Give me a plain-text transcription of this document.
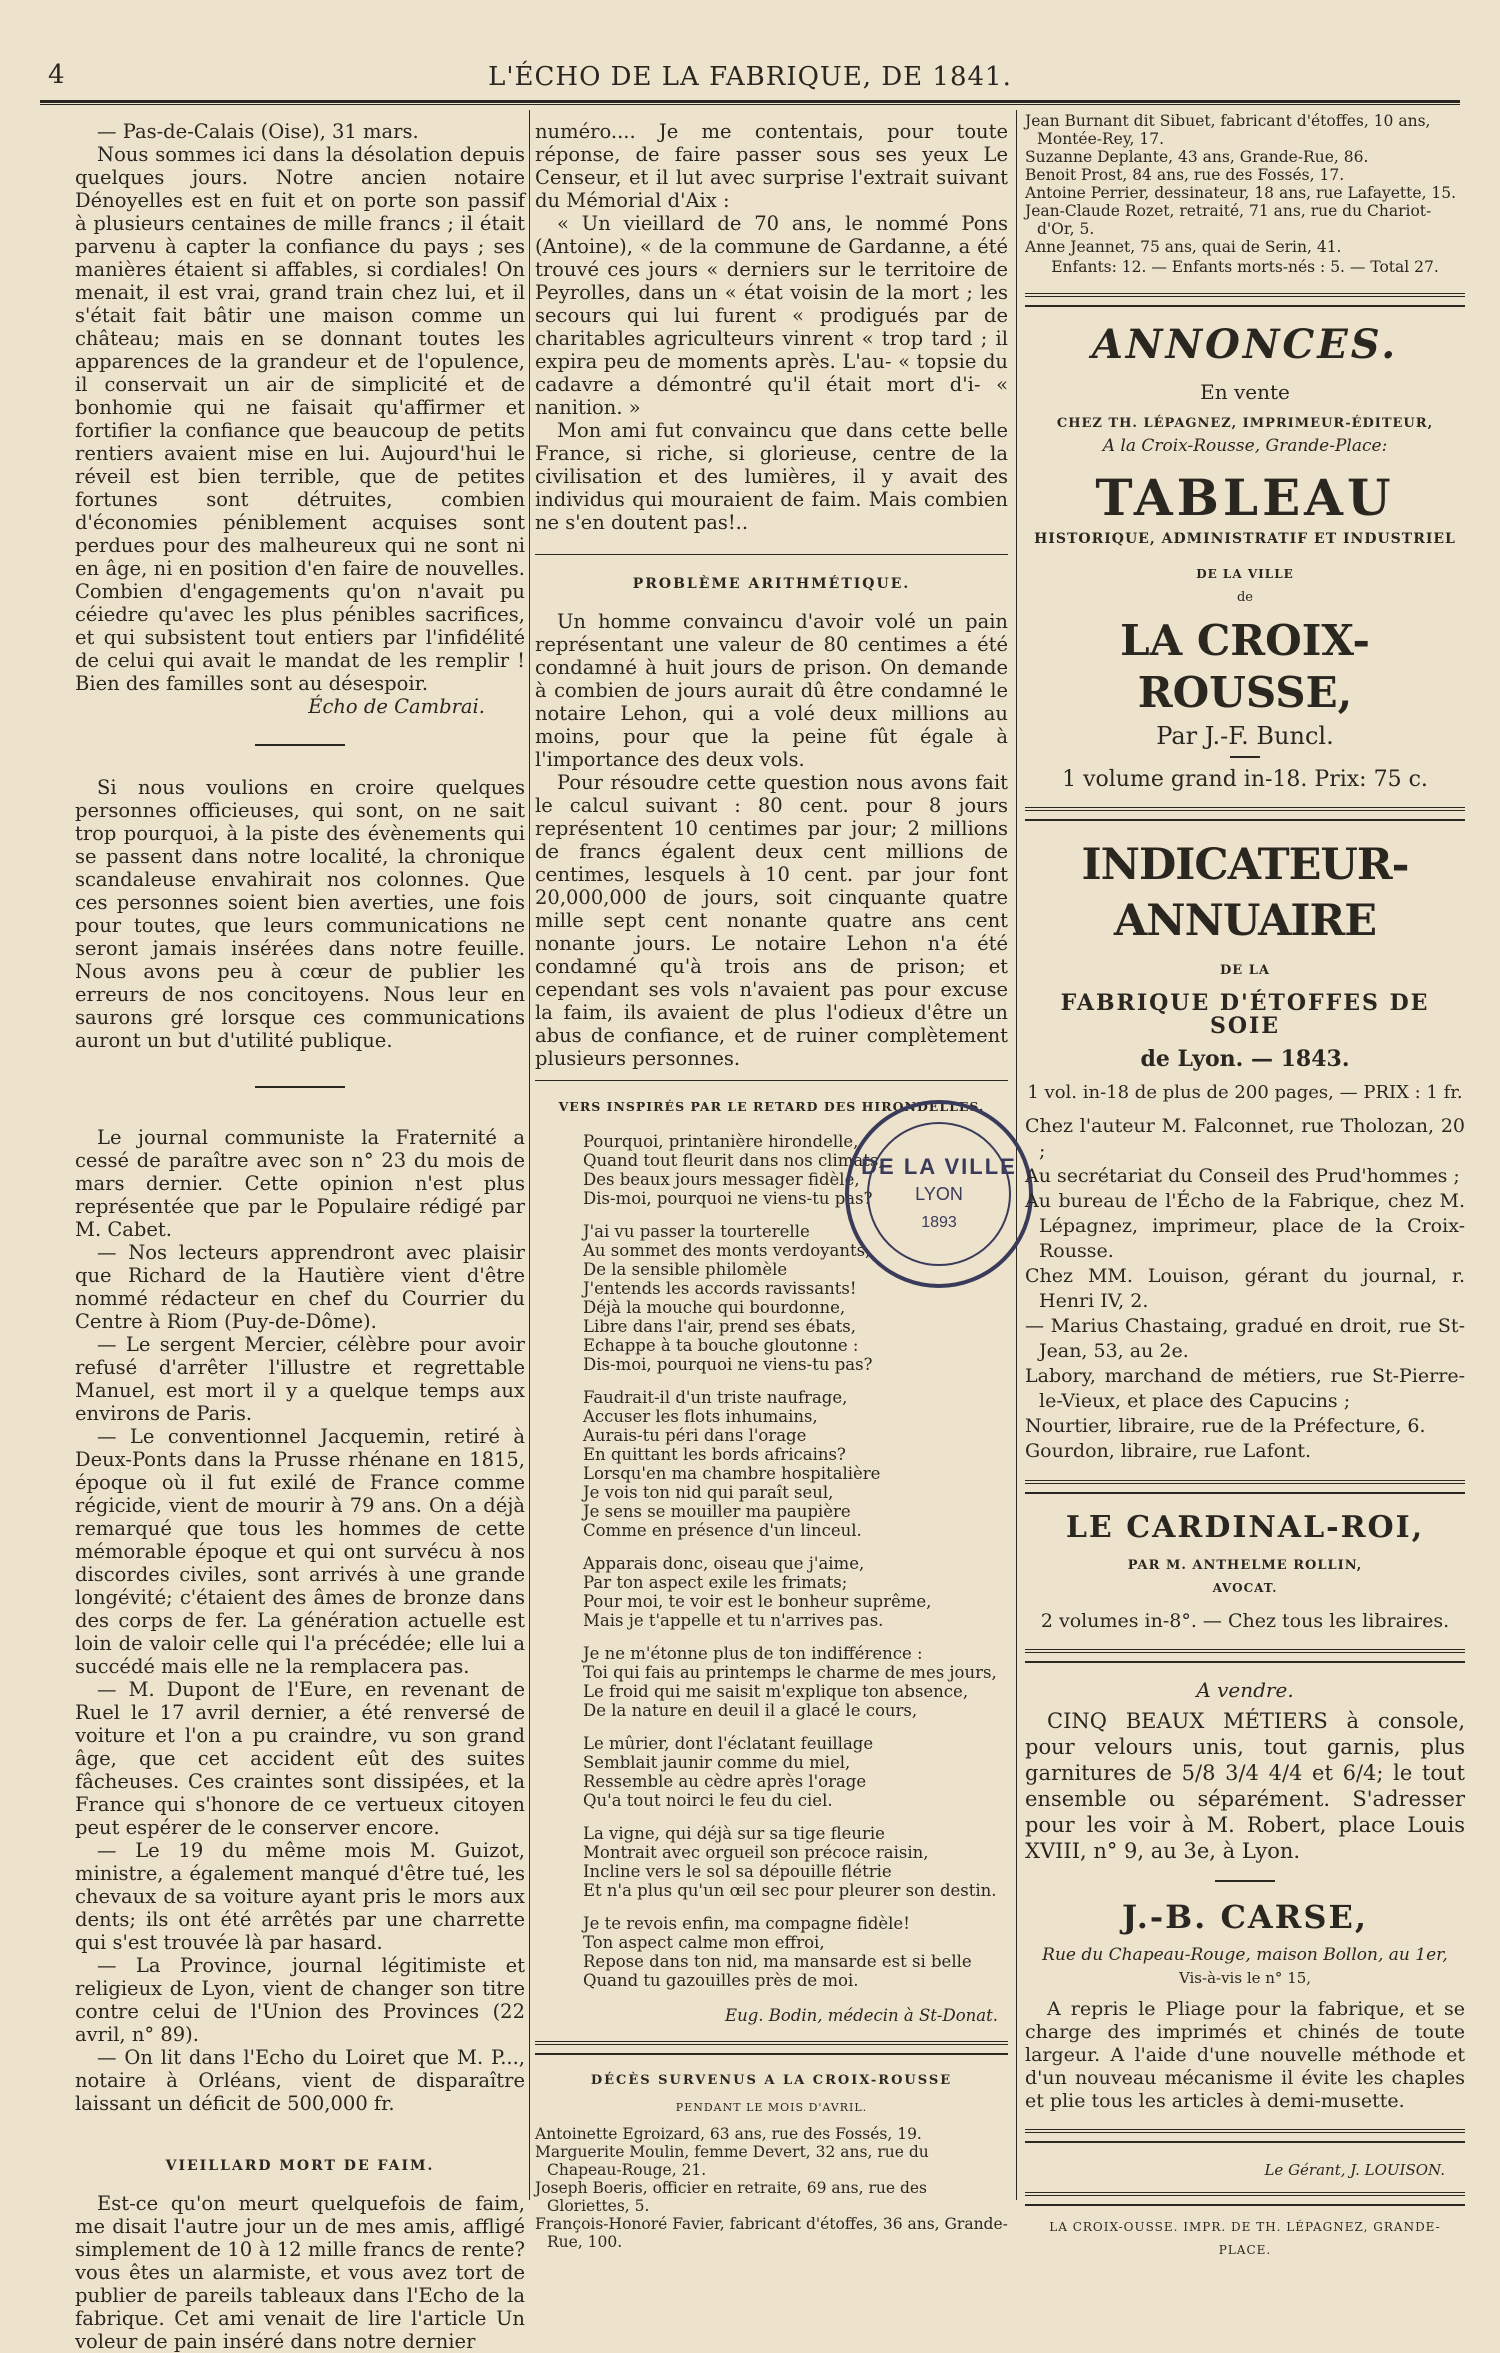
4	L'ÉCHO DE LA FABRIQUE, DE 1841.

— Pas-de-Calais (Oise), 31 mars.

Nous sommes ici dans la désolation depuis quelques jours. Notre ancien notaire Dénoyelles est en fuit et on porte son passif à plusieurs centaines de mille francs ; il était parvenu à capter la confiance du pays ; ses manières étaient si affables, si cordiales! On menait, il est vrai, grand train chez lui, et il s'était fait bâtir une maison comme un château; mais en se donnant toutes les apparences de la grandeur et de l'opulence, il conservait un air de simplicité et de bonhomie qui ne faisait qu'affirmer et fortifier la confiance que beaucoup de petits rentiers avaient mise en lui. Aujourd'hui le réveil est bien terrible, que de petites fortunes sont détruites, combien d'économies péniblement acquises sont perdues pour des malheureux qui ne sont ni en âge, ni en position d'en faire de nouvelles. Combien d'engagements qu'on n'avait pu céiedre qu'avec les plus pénibles sacrifices, et qui subsistent tout entiers par l'infidélité de celui qui avait le mandat de les remplir ! Bien des familles sont au désespoir.

Écho de Cambrai.

Si nous voulions en croire quelques personnes officieuses, qui sont, on ne sait trop pourquoi, à la piste des évènements qui se passent dans notre localité, la chronique scandaleuse envahirait nos colonnes. Que ces personnes soient bien averties, une fois pour toutes, que leurs communications ne seront jamais insérées dans notre feuille. Nous avons peu à cœur de publier les erreurs de nos concitoyens. Nous leur en saurons gré lorsque ces communications auront un but d'utilité publique.

Le journal communiste la Fraternité a cessé de paraître avec son n° 23 du mois de mars dernier. Cette opinion n'est plus représentée que par le Populaire rédigé par M. Cabet.

— Nos lecteurs apprendront avec plaisir que Richard de la Hautière vient d'être nommé rédacteur en chef du Courrier du Centre à Riom (Puy-de-Dôme).

— Le sergent Mercier, célèbre pour avoir refusé d'arrêter l'illustre et regrettable Manuel, est mort il y a quelque temps aux environs de Paris.

— Le conventionnel Jacquemin, retiré à Deux-Ponts dans la Prusse rhénane en 1815, époque où il fut exilé de France comme régicide, vient de mourir à 79 ans. On a déjà remarqué que tous les hommes de cette mémorable époque et qui ont survécu à nos discordes civiles, sont arrivés à une grande longévité; c'étaient des âmes de bronze dans des corps de fer. La génération actuelle est loin de valoir celle qui l'a précédée; elle lui a succédé mais elle ne la remplacera pas.

— M. Dupont de l'Eure, en revenant de Ruel le 17 avril dernier, a été renversé de voiture et l'on a pu craindre, vu son grand âge, que cet accident eût des suites fâcheuses. Ces craintes sont dissipées, et la France qui s'honore de ce vertueux citoyen peut espérer de le conserver encore.

— Le 19 du même mois M. Guizot, ministre, a également manqué d'être tué, les chevaux de sa voiture ayant pris le mors aux dents; ils ont été arrêtés par une charrette qui s'est trouvée là par hasard.

— La Province, journal légitimiste et religieux de Lyon, vient de changer son titre contre celui de l'Union des Provinces (22 avril, n° 89).

— On lit dans l'Echo du Loiret que M. P..., notaire à Orléans, vient de disparaître laissant un déficit de 500,000 fr.

VIEILLARD MORT DE FAIM.

Est-ce qu'on meurt quelquefois de faim, me disait l'autre jour un de mes amis, affligé simplement de 10 à 12 mille francs de rente? vous êtes un alarmiste, et vous avez tort de publier de pareils tableaux dans l'Echo de la fabrique. Cet ami venait de lire l'article Un voleur de pain inséré dans notre dernier

numéro.... Je me contentais, pour toute réponse, de faire passer sous ses yeux Le Censeur, et il lut avec surprise l'extrait suivant du Mémorial d'Aix :

« Un vieillard de 70 ans, le nommé Pons (Antoine), « de la commune de Gardanne, a été trouvé ces jours « derniers sur le territoire de Peyrolles, dans un « état voisin de la mort ; les secours qui lui furent « prodigués par de charitables agriculteurs vinrent « trop tard ; il expira peu de moments après. L'au- « topsie du cadavre a démontré qu'il était mort d'i- « nanition. »

Mon ami fut convaincu que dans cette belle France, si riche, si glorieuse, centre de la civilisation et des lumières, il y avait des individus qui mouraient de faim. Mais combien ne s'en doutent pas!..

PROBLÈME ARITHMÉTIQUE.

Un homme convaincu d'avoir volé un pain représentant une valeur de 80 centimes a été condamné à huit jours de prison. On demande à combien de jours aurait dû être condamné le notaire Lehon, qui a volé deux millions au moins, pour que la peine fût égale à l'importance des deux vols.

Pour résoudre cette question nous avons fait le calcul suivant : 80 cent. pour 8 jours représentent 10 centimes par jour; 2 millions de francs égalent deux cent millions de centimes, lesquels à 10 cent. par jour font 20,000,000 de jours, soit cinquante quatre mille sept cent nonante quatre ans cent nonante jours. Le notaire Lehon n'a été condamné qu'à trois ans de prison; et cependant ses vols n'avaient pas pour excuse la faim, ils avaient de plus l'odieux d'être un abus de confiance, et de ruiner complètement plusieurs personnes.

VERS INSPIRÉS PAR LE RETARD DES HIRONDELLES.
Pourquoi, printanière hirondelle,
Quand tout fleurit dans nos climats,
Des beaux jours messager fidèle,
Dis-moi, pourquoi ne viens-tu pas?
J'ai vu passer la tourterelle
Au sommet des monts verdoyants,
De la sensible philomèle
J'entends les accords ravissants!
Déjà la mouche qui bourdonne,
Libre dans l'air, prend ses ébats,
Echappe à ta bouche gloutonne :
Dis-moi, pourquoi ne viens-tu pas?
Faudrait-il d'un triste naufrage,
Accuser les flots inhumains,
Aurais-tu péri dans l'orage
En quittant les bords africains?
Lorsqu'en ma chambre hospitalière
Je vois ton nid qui paraît seul,
Je sens se mouiller ma paupière
Comme en présence d'un linceul.
Apparais donc, oiseau que j'aime,
Par ton aspect exile les frimats;
Pour moi, te voir est le bonheur suprême,
Mais je t'appelle et tu n'arrives pas.
Je ne m'étonne plus de ton indifférence :
Toi qui fais au printemps le charme de mes jours,
Le froid qui me saisit m'explique ton absence,
De la nature en deuil il a glacé le cours,
Le mûrier, dont l'éclatant feuillage
Semblait jaunir comme du miel,
Ressemble au cèdre après l'orage
Qu'a tout noirci le feu du ciel.
La vigne, qui déjà sur sa tige fleurie
Montrait avec orgueil son précoce raisin,
Incline vers le sol sa dépouille flétrie
Et n'a plus qu'un œil sec pour pleurer son destin.
Je te revois enfin, ma compagne fidèle!
Ton aspect calme mon effroi,
Repose dans ton nid, ma mansarde est si belle
Quand tu gazouilles près de moi.
Eug. Bodin, médecin à St-Donat.
DÉCÈS SURVENUS A LA CROIX-ROUSSE
PENDANT LE MOIS D'AVRIL.
Antoinette Egroizard, 63 ans, rue des Fossés, 19.
Marguerite Moulin, femme Devert, 32 ans, rue du Chapeau-Rouge, 21.
Joseph Boeris, officier en retraite, 69 ans, rue des Gloriettes, 5.
François-Honoré Favier, fabricant d'étoffes, 36 ans, Grande-Rue, 100.
DE LA VILLE
LYON
1893
Jean Burnant dit Sibuet, fabricant d'étoffes, 10 ans, Montée-Rey, 17.
Suzanne Deplante, 43 ans, Grande-Rue, 86.
Benoit Prost, 84 ans, rue des Fossés, 17.
Antoine Perrier, dessinateur, 18 ans, rue Lafayette, 15.
Jean-Claude Rozet, retraité, 71 ans, rue du Chariot-d'Or, 5.
Anne Jeannet, 75 ans, quai de Serin, 41.
Enfants: 12. — Enfants morts-nés : 5. — Total 27.
ANNONCES.
En vente
CHEZ TH. LÉPAGNEZ, IMPRIMEUR-ÉDITEUR,
A la Croix-Rousse, Grande-Place:
TABLEAU
HISTORIQUE, ADMINISTRATIF ET INDUSTRIEL
DE LA VILLE
de
LA CROIX-ROUSSE,
Par J.-F. Buncl.
1 volume grand in-18. Prix: 75 c.
INDICATEUR-ANNUAIRE
DE LA
FABRIQUE D'ÉTOFFES DE SOIE
de Lyon. — 1843.
1 vol. in-18 de plus de 200 pages, — PRIX : 1 fr.
Chez l'auteur M. Falconnet, rue Tholozan, 20 ;
Au secrétariat du Conseil des Prud'hommes ;
Au bureau de l'Écho de la Fabrique, chez M. Lépagnez, imprimeur, place de la Croix-Rousse.
Chez MM. Louison, gérant du journal, r. Henri IV, 2.
— Marius Chastaing, gradué en droit, rue St-Jean, 53, au 2e.
Labory, marchand de métiers, rue St-Pierre-le-Vieux, et place des Capucins ;
Nourtier, libraire, rue de la Préfecture, 6.
Gourdon, libraire, rue Lafont.
LE CARDINAL-ROI,
PAR M. ANTHELME ROLLIN,
AVOCAT.
2 volumes in-8°. — Chez tous les libraires.
A vendre.

CINQ BEAUX MÉTIERS à console, pour velours unis, tout garnis, plus garnitures de 5/8 3/4 4/4 et 6/4; le tout ensemble ou séparément. S'adresser pour les voir à M. Robert, place Louis XVIII, n° 9, au 3e, à Lyon.

J.-B. CARSE,
Rue du Chapeau-Rouge, maison Bollon, au 1er,
Vis-à-vis le n° 15,

A repris le Pliage pour la fabrique, et se charge des imprimés et chinés de toute largeur. A l'aide d'une nouvelle méthode et d'un nouveau mécanisme il évite les chaples et plie tous les articles à demi-musette.

Le Gérant, J. LOUISON.
LA CROIX-OUSSE. IMPR. DE TH. LÉPAGNEZ, GRANDE-PLACE.
